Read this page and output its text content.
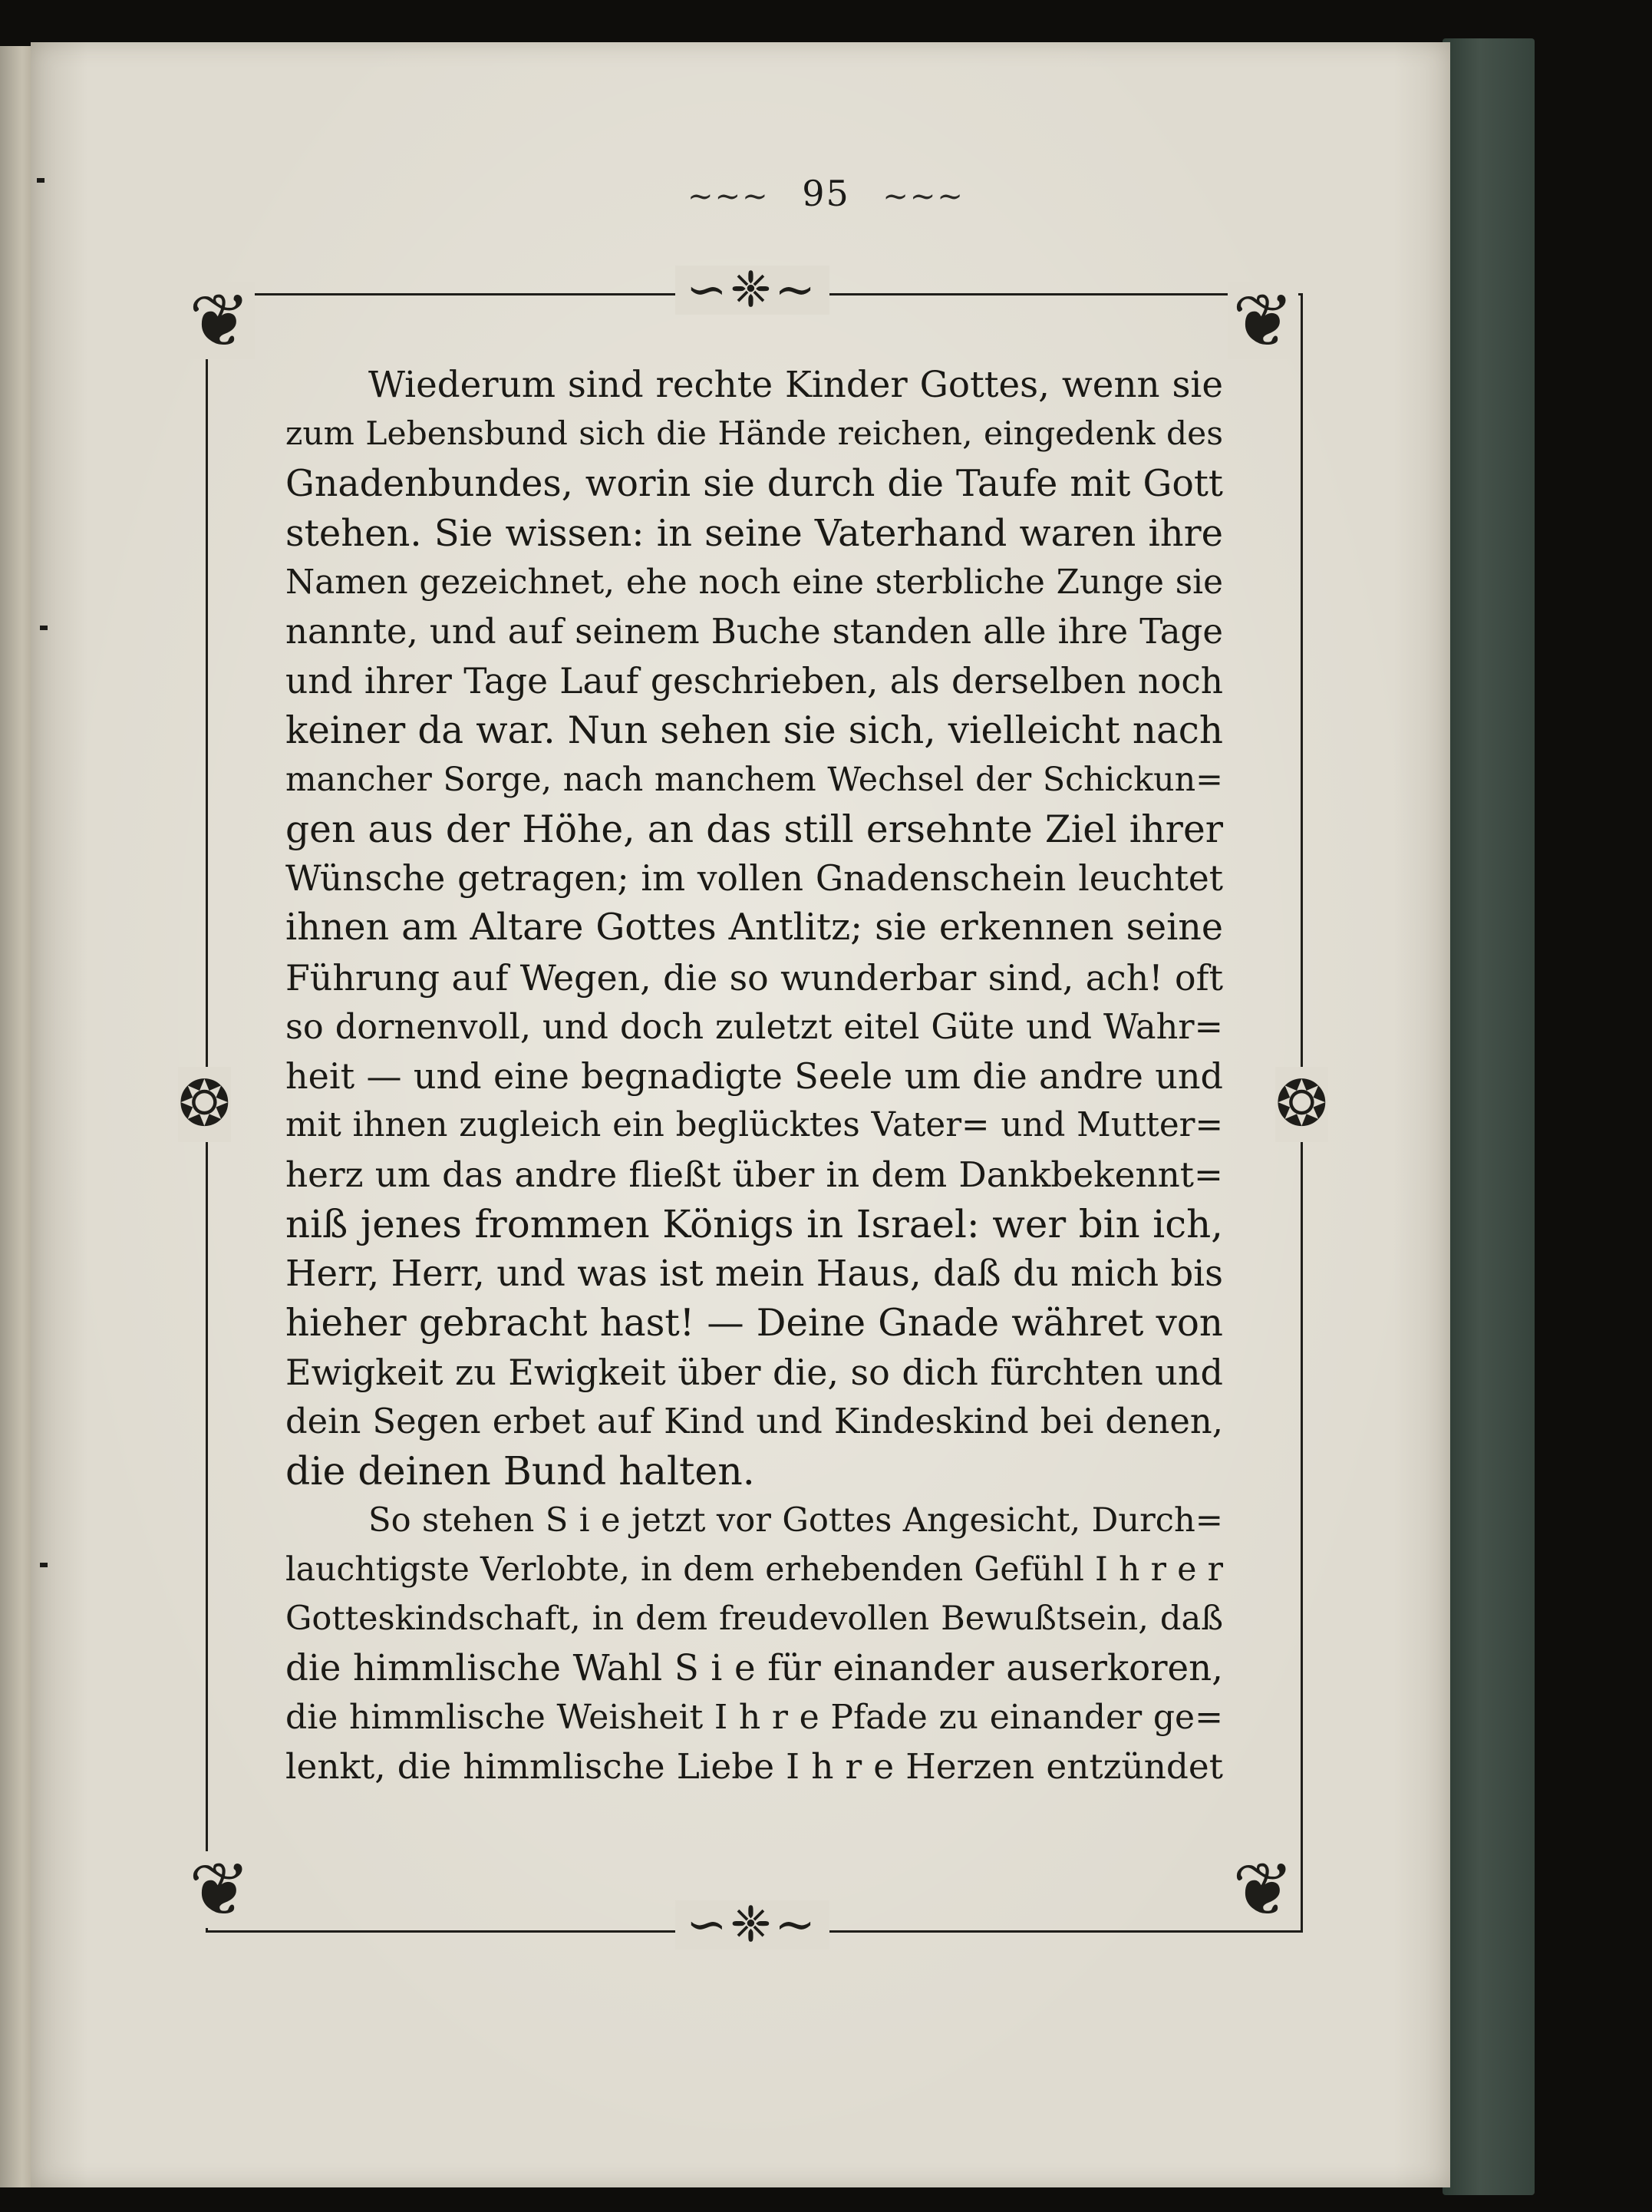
~~~ 95 ~~~
❦	❦
❦	❦
∽❈∼
∽❈∼
❂	❂
Wiederum sind rechte Kinder Gottes, wenn sie
zum Lebensbund sich die Hände reichen, eingedenk des
Gnadenbundes, worin sie durch die Taufe mit Gott
stehen. Sie wissen: in seine Vaterhand waren ihre
Namen gezeichnet, ehe noch eine sterbliche Zunge sie
nannte, und auf seinem Buche standen alle ihre Tage
und ihrer Tage Lauf geschrieben, als derselben noch
keiner da war. Nun sehen sie sich, vielleicht nach
mancher Sorge, nach manchem Wechsel der Schickun=
gen aus der Höhe, an das still ersehnte Ziel ihrer
Wünsche getragen; im vollen Gnadenschein leuchtet
ihnen am Altare Gottes Antlitz; sie erkennen seine
Führung auf Wegen, die so wunderbar sind, ach! oft
so dornenvoll, und doch zuletzt eitel Güte und Wahr=
heit — und eine begnadigte Seele um die andre und
mit ihnen zugleich ein beglücktes Vater= und Mutter=
herz um das andre fließt über in dem Dankbekennt=
niß jenes frommen Königs in Israel: wer bin ich,
Herr, Herr, und was ist mein Haus, daß du mich bis
hieher gebracht hast! — Deine Gnade währet von
Ewigkeit zu Ewigkeit über die, so dich fürchten und
dein Segen erbet auf Kind und Kindeskind bei denen,
die deinen Bund halten.
So stehen S i e jetzt vor Gottes Angesicht, Durch=
lauchtigste Verlobte, in dem erhebenden Gefühl I h r e r
Gotteskindschaft, in dem freudevollen Bewußtsein, daß
die himmlische Wahl S i e für einander auserkoren,
die himmlische Weisheit I h r e Pfade zu einander ge=
lenkt, die himmlische Liebe I h r e Herzen entzündet
